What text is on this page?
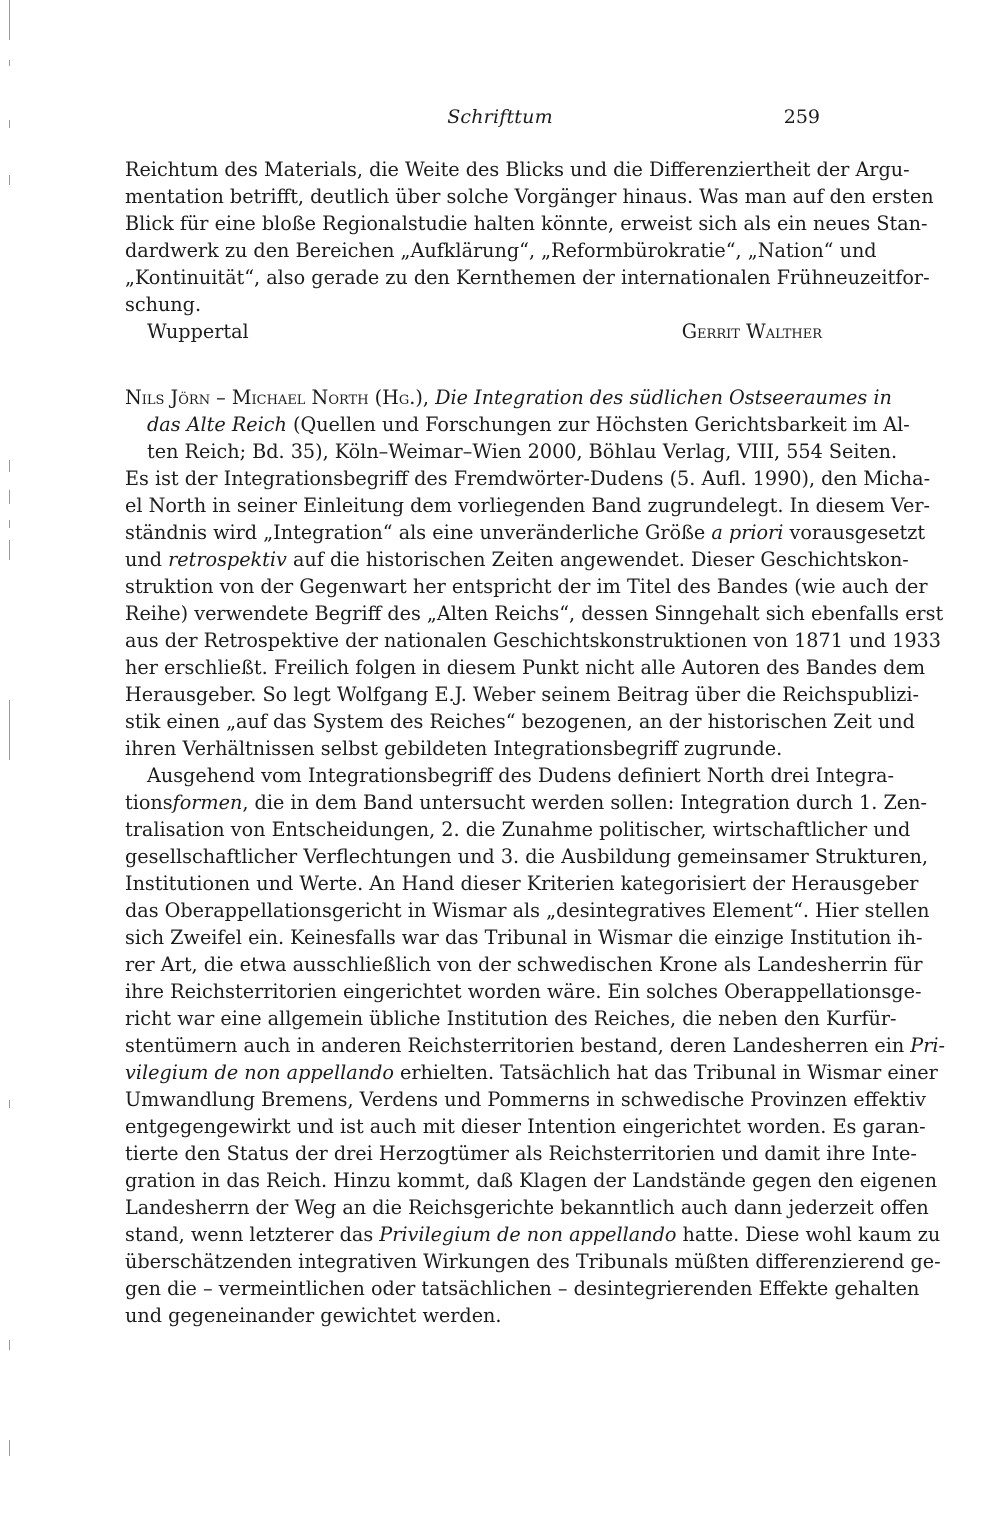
Schrifttum	259
Reichtum des Materials, die Weite des Blicks und die Differenziertheit der Argu-
mentation betrifft, deutlich über solche Vorgänger hinaus. Was man auf den ersten
Blick für eine bloße Regionalstudie halten könnte, erweist sich als ein neues Stan-
dardwerk zu den Bereichen „Aufklärung“, „Reformbürokratie“, „Nation“ und
„Kontinuität“, also gerade zu den Kernthemen der internationalen Frühneuzeitfor-
schung.
Wuppertal	Gerrit Walther
Nils Jörn – Michael North (Hg.), Die Integration des südlichen Ostseeraumes in
das Alte Reich (Quellen und Forschungen zur Höchsten Gerichtsbarkeit im Al-
ten Reich; Bd. 35), Köln–Weimar–Wien 2000, Böhlau Verlag, VIII, 554 Seiten.
Es ist der Integrationsbegriff des Fremdwörter-Dudens (5. Aufl. 1990), den Micha-
el North in seiner Einleitung dem vorliegenden Band zugrundelegt. In diesem Ver-
ständnis wird „Integration“ als eine unveränderliche Größe a priori vorausgesetzt
und retrospektiv auf die historischen Zeiten angewendet. Dieser Geschichtskon-
struktion von der Gegenwart her entspricht der im Titel des Bandes (wie auch der
Reihe) verwendete Begriff des „Alten Reichs“, dessen Sinngehalt sich ebenfalls erst
aus der Retrospektive der nationalen Geschichtskonstruktionen von 1871 und 1933
her erschließt. Freilich folgen in diesem Punkt nicht alle Autoren des Bandes dem
Herausgeber. So legt Wolfgang E.J. Weber seinem Beitrag über die Reichspublizi-
stik einen „auf das System des Reiches“ bezogenen, an der historischen Zeit und
ihren Verhältnissen selbst gebildeten Integrationsbegriff zugrunde.
Ausgehend vom Integrationsbegriff des Dudens definiert North drei Integra-
tionsformen, die in dem Band untersucht werden sollen: Integration durch 1. Zen-
tralisation von Entscheidungen, 2. die Zunahme politischer, wirtschaftlicher und
gesellschaftlicher Verflechtungen und 3. die Ausbildung gemeinsamer Strukturen,
Institutionen und Werte. An Hand dieser Kriterien kategorisiert der Herausgeber
das Oberappellationsgericht in Wismar als „desintegratives Element“. Hier stellen
sich Zweifel ein. Keinesfalls war das Tribunal in Wismar die einzige Institution ih-
rer Art, die etwa ausschließlich von der schwedischen Krone als Landesherrin für
ihre Reichsterritorien eingerichtet worden wäre. Ein solches Oberappellationsge-
richt war eine allgemein übliche Institution des Reiches, die neben den Kurfür-
stentümern auch in anderen Reichsterritorien bestand, deren Landesherren ein Pri-
vilegium de non appellando erhielten. Tatsächlich hat das Tribunal in Wismar einer
Umwandlung Bremens, Verdens und Pommerns in schwedische Provinzen effektiv
entgegengewirkt und ist auch mit dieser Intention eingerichtet worden. Es garan-
tierte den Status der drei Herzogtümer als Reichsterritorien und damit ihre Inte-
gration in das Reich. Hinzu kommt, daß Klagen der Landstände gegen den eigenen
Landesherrn der Weg an die Reichsgerichte bekanntlich auch dann jederzeit offen
stand, wenn letzterer das Privilegium de non appellando hatte. Diese wohl kaum zu
überschätzenden integrativen Wirkungen des Tribunals müßten differenzierend ge-
gen die – vermeintlichen oder tatsächlichen – desintegrierenden Effekte gehalten
und gegeneinander gewichtet werden.
